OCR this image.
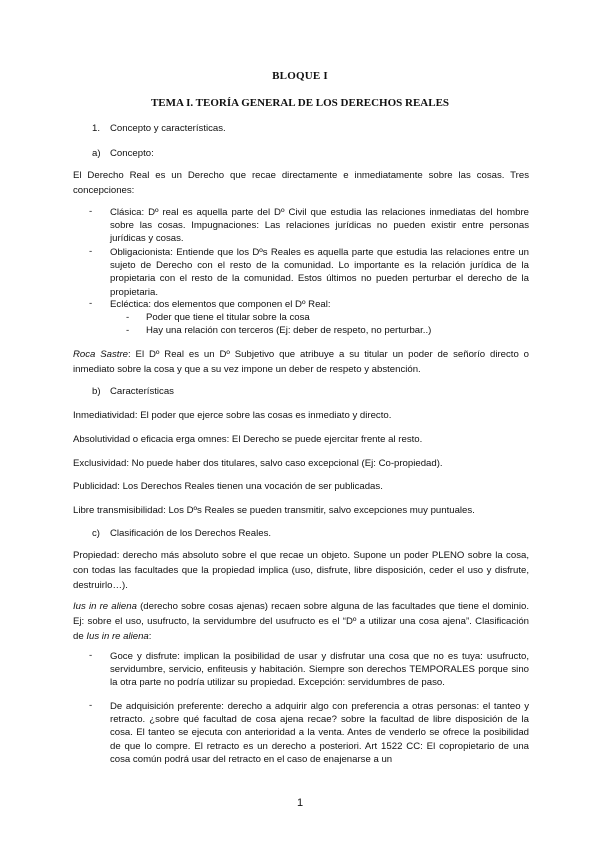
BLOQUE I
TEMA I. TEORÍA GENERAL DE LOS DERECHOS REALES
1. Concepto y características.
a) Concepto:
El Derecho Real es un Derecho que recae directamente e inmediatamente sobre las cosas. Tres concepciones:
- Clásica: Dº real es aquella parte del Dº Civil que estudia las relaciones inmediatas del hombre sobre las cosas. Impugnaciones: Las relaciones jurídicas no pueden existir entre personas jurídicas y cosas.
- Obligacionista: Entiende que los Dºs Reales es aquella parte que estudia las relaciones entre un sujeto de Derecho con el resto de la comunidad. Lo importante es la relación jurídica de la propietaria con el resto de la comunidad. Estos últimos no pueden perturbar el derecho de la propietaria.
- Ecléctica: dos elementos que componen el Dº Real:
- Poder que tiene el titular sobre la cosa
- Hay una relación con terceros (Ej: deber de respeto, no perturbar..)
Roca Sastre: El Dº Real es un Dº Subjetivo que atribuye a su titular un poder de señorío directo o inmediato sobre la cosa y que a su vez impone un deber de respeto y abstención.
b) Características
Inmediatividad: El poder que ejerce sobre las cosas es inmediato y directo.
Absolutividad o eficacia erga omnes: El Derecho se puede ejercitar frente al resto.
Exclusividad: No puede haber dos titulares, salvo caso excepcional (Ej: Co-propiedad).
Publicidad: Los Derechos Reales tienen una vocación de ser publicadas.
Libre transmisibilidad: Los Dºs Reales se pueden transmitir, salvo excepciones muy puntuales.
c) Clasificación de los Derechos Reales.
Propiedad: derecho más absoluto sobre el que recae un objeto. Supone un poder PLENO sobre la cosa, con todas las facultades que la propiedad implica (uso, disfrute, libre disposición, ceder el uso y disfrute, destruirlo…).
Ius in re aliena (derecho sobre cosas ajenas) recaen sobre alguna de las facultades que tiene el dominio. Ej: sobre el uso, usufructo, la servidumbre del usufructo es el “Dº a utilizar una cosa ajena”. Clasificación de Ius in re aliena:
- Goce y disfrute: implican la posibilidad de usar y disfrutar una cosa que no es tuya: usufructo, servidumbre, servicio, enfiteusis y habitación. Siempre son derechos TEMPORALES porque sino la otra parte no podría utilizar su propiedad. Excepción: servidumbres de paso.
- De adquisición preferente: derecho a adquirir algo con preferencia a otras personas: el tanteo y retracto. ¿sobre qué facultad de cosa ajena recae? sobre la facultad de libre disposición de la cosa. El tanteo se ejecuta con anterioridad a la venta. Antes de venderlo se ofrece la posibilidad de que lo compre. El retracto es un derecho a posteriori. Art 1522 CC: El copropietario de una cosa común podrá usar del retracto en el caso de enajenarse a un
1
